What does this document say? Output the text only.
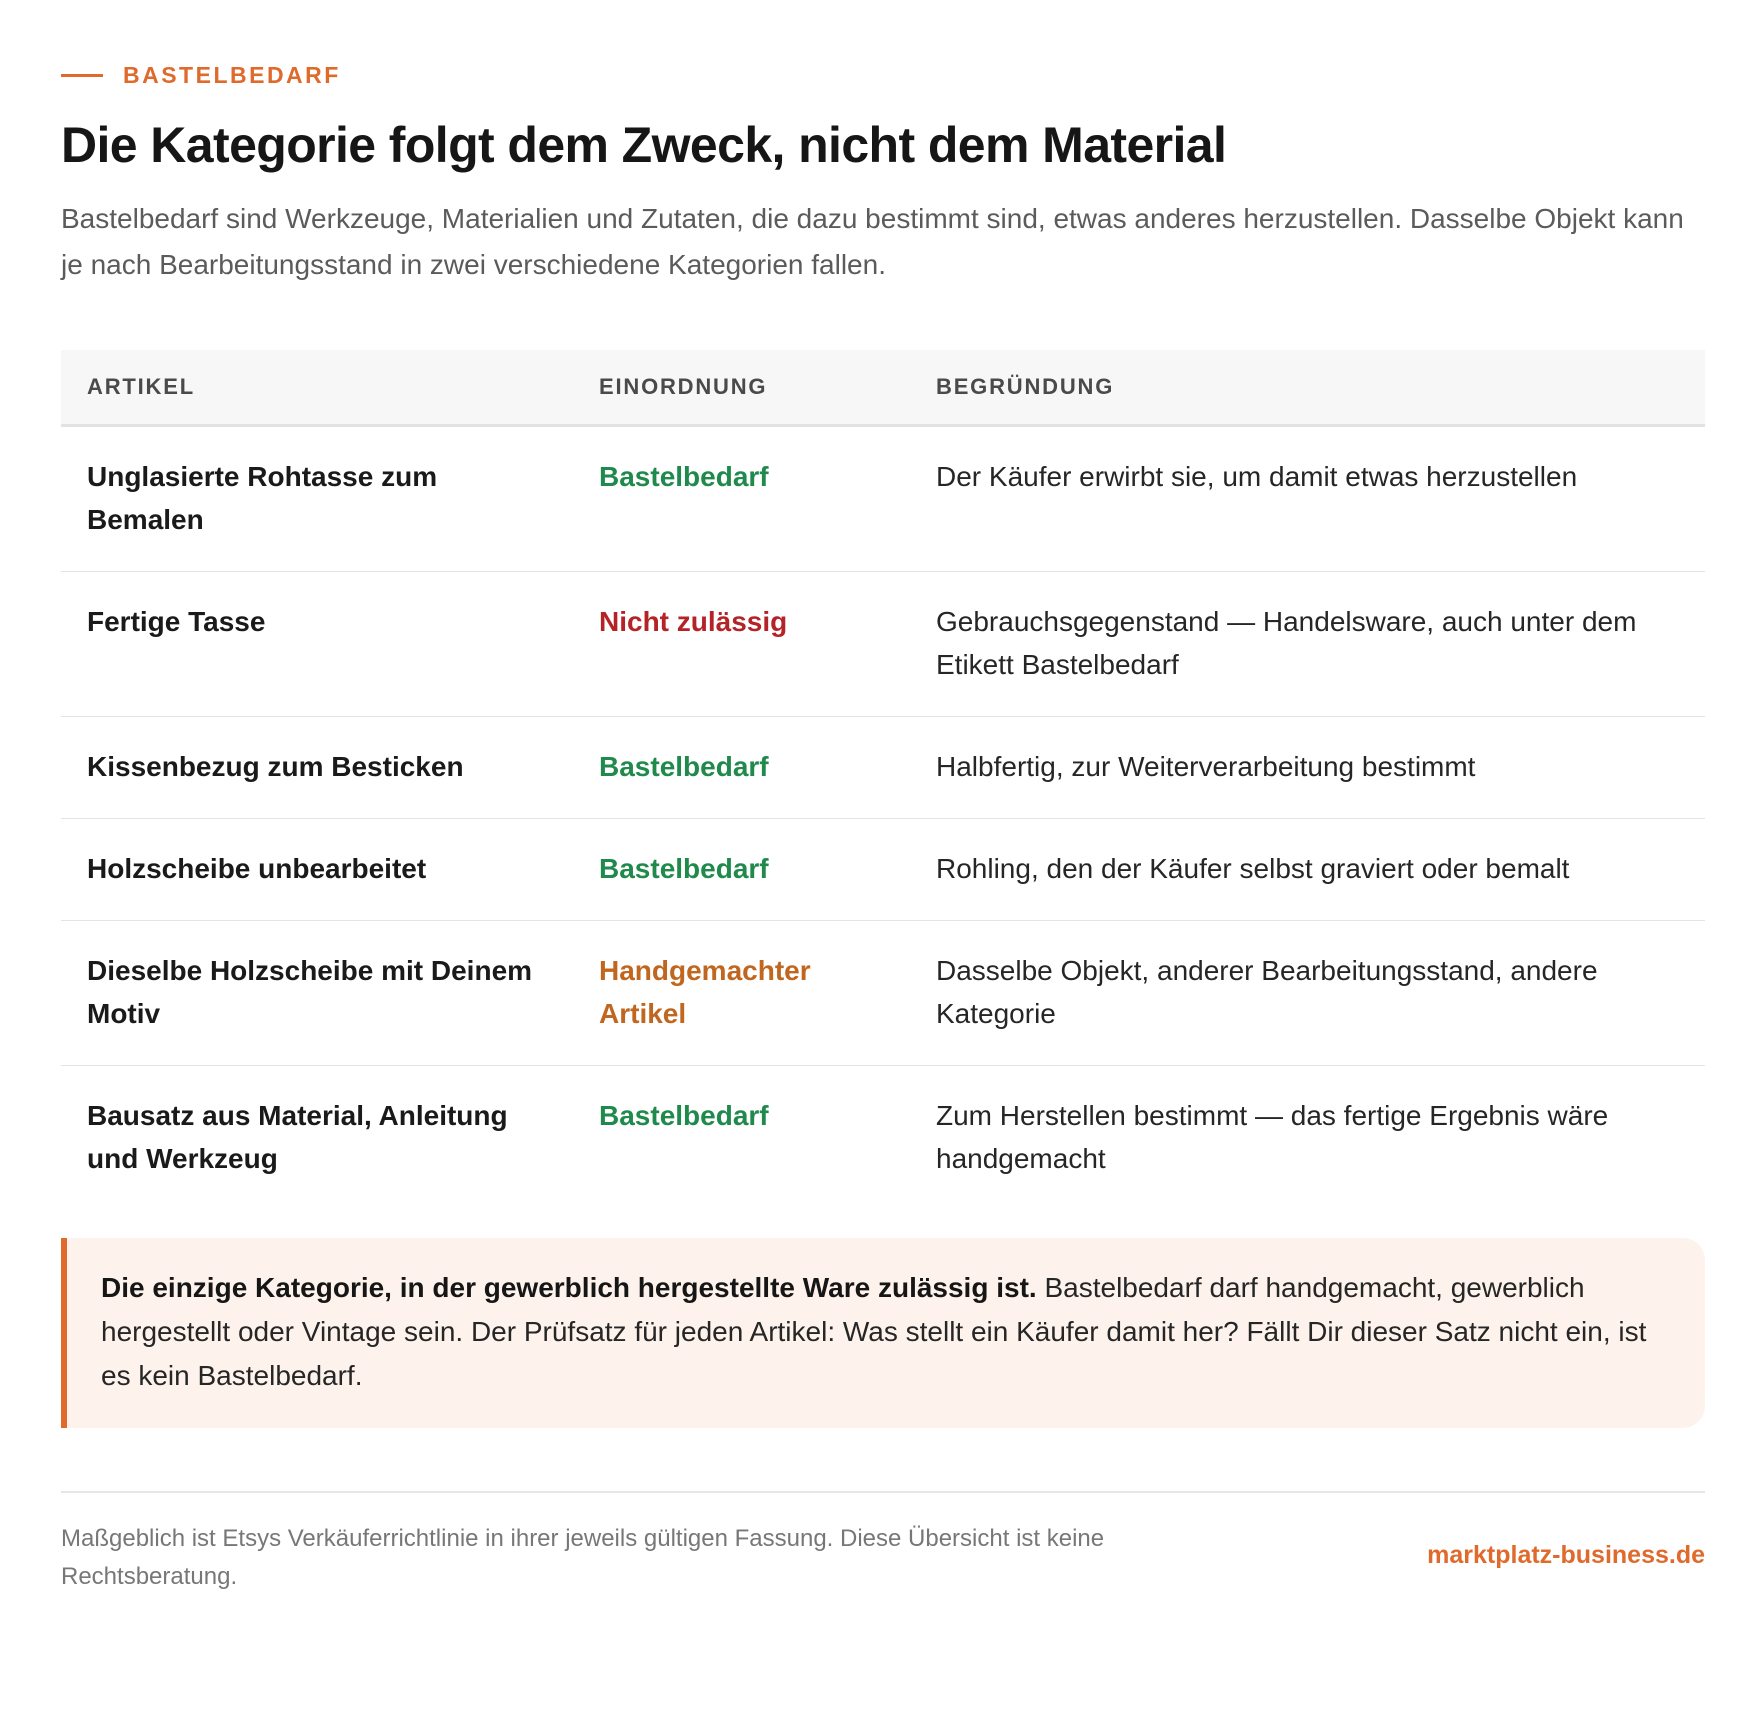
BASTELBEDARF
Die Kategorie folgt dem Zweck, nicht dem Material

Bastelbedarf sind Werkzeuge, Materialien und Zutaten, die dazu bestimmt sind, etwas anderes herzustellen. Dasselbe Objekt kann je nach Bearbeitungsstand in zwei verschiedene Kategorien fallen.

ARTIKEL	EINORDNUNG	BEGRÜNDUNG
Unglasierte Rohtasse zum Bemalen	Bastelbedarf	Der Käufer erwirbt sie, um damit etwas herzustellen
Fertige Tasse	Nicht zulässig	Gebrauchsgegenstand — Handelsware, auch unter dem Etikett Bastelbedarf
Kissenbezug zum Besticken	Bastelbedarf	Halbfertig, zur Weiterverarbeitung bestimmt
Holzscheibe unbearbeitet	Bastelbedarf	Rohling, den der Käufer selbst graviert oder bemalt
Dieselbe Holzscheibe mit Deinem Motiv	Handgemachter Artikel	Dasselbe Objekt, anderer Bearbeitungsstand, andere Kategorie
Bausatz aus Material, Anleitung und Werkzeug	Bastelbedarf	Zum Herstellen bestimmt — das fertige Ergebnis wäre handgemacht
Die einzige Kategorie, in der gewerblich hergestellte Ware zulässig ist. Bastelbedarf darf handgemacht, gewerblich hergestellt oder Vintage sein. Der Prüfsatz für jeden Artikel: Was stellt ein Käufer damit her? Fällt Dir dieser Satz nicht ein, ist es kein Bastelbedarf.

Maßgeblich ist Etsys Verkäuferrichtlinie in ihrer jeweils gültigen Fassung. Diese Übersicht ist keine Rechtsberatung.

marktplatz-business.de
